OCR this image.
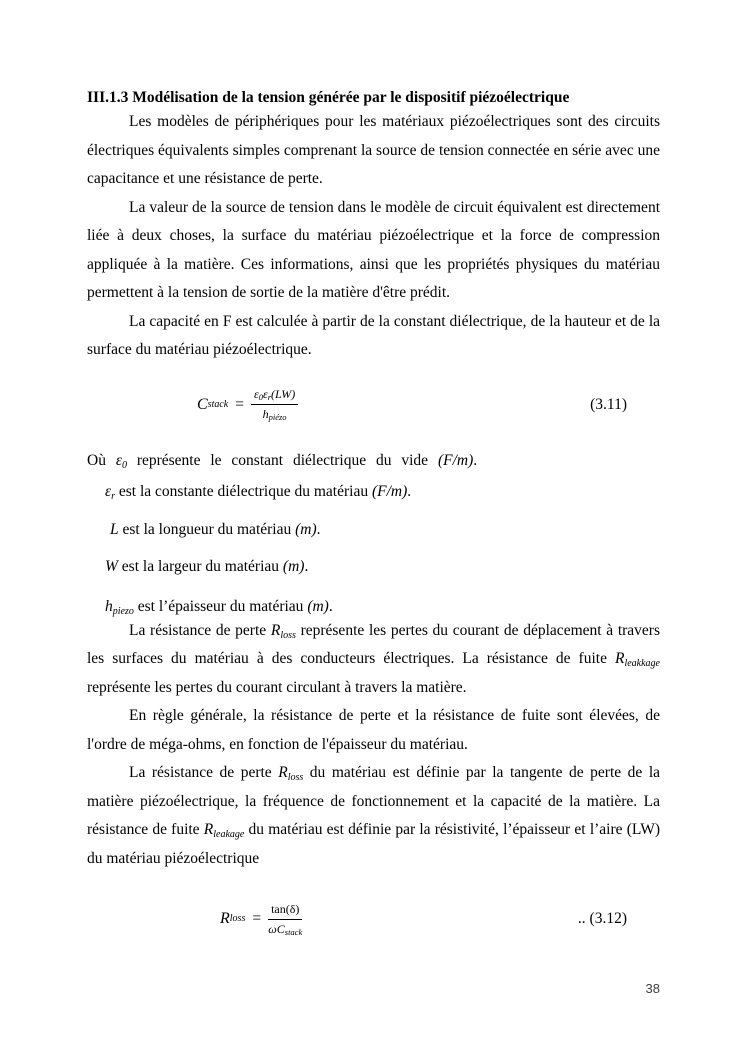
III.1.3 Modélisation de la tension générée par le dispositif piézoélectrique

Les modèles de périphériques pour les matériaux piézoélectriques sont des circuits électriques équivalents simples comprenant la source de tension connectée en série avec une capacitance et une résistance de perte.

La valeur de la source de tension dans le modèle de circuit équivalent est directement liée à deux choses, la surface du matériau piézoélectrique et la force de compression appliquée à la matière. Ces informations, ainsi que les propriétés physiques du matériau permettent à la tension de sortie de la matière d'être prédit.

La capacité en F est calculée à partir de la constant diélectrique, de la hauteur et de la surface du matériau piézoélectrique.

C stack = $\frac{\varepsilon_0\varepsilon_r(LW)}{h_{piézo}}$	(3.11)

Où $\varepsilon_0$ représente le constant diélectrique du vide (F/m).

$\varepsilon_r$ est la constante diélectrique du matériau (F/m).

L est la longueur du matériau (m).

W est la largeur du matériau (m).

$h_{piezo}$ est l’épaisseur du matériau (m).

La résistance de perte $R_{loss}$ représente les pertes du courant de déplacement à travers les surfaces du matériau à des conducteurs électriques. La résistance de fuite $R_{leakkage}$ représente les pertes du courant circulant à travers la matière.

En règle générale, la résistance de perte et la résistance de fuite sont élevées, de l'ordre de méga-ohms, en fonction de l'épaisseur du matériau.

La résistance de perte $R_{loss}$ du matériau est définie par la tangente de perte de la matière piézoélectrique, la fréquence de fonctionnement et la capacité de la matière. La résistance de fuite $R_{leakage}$ du matériau est définie par la résistivité, l’épaisseur et l’aire (LW) du matériau piézoélectrique

R loss = $\frac{\tan(\delta)}{\omega C_{stack}}$	.. (3.12)
38
